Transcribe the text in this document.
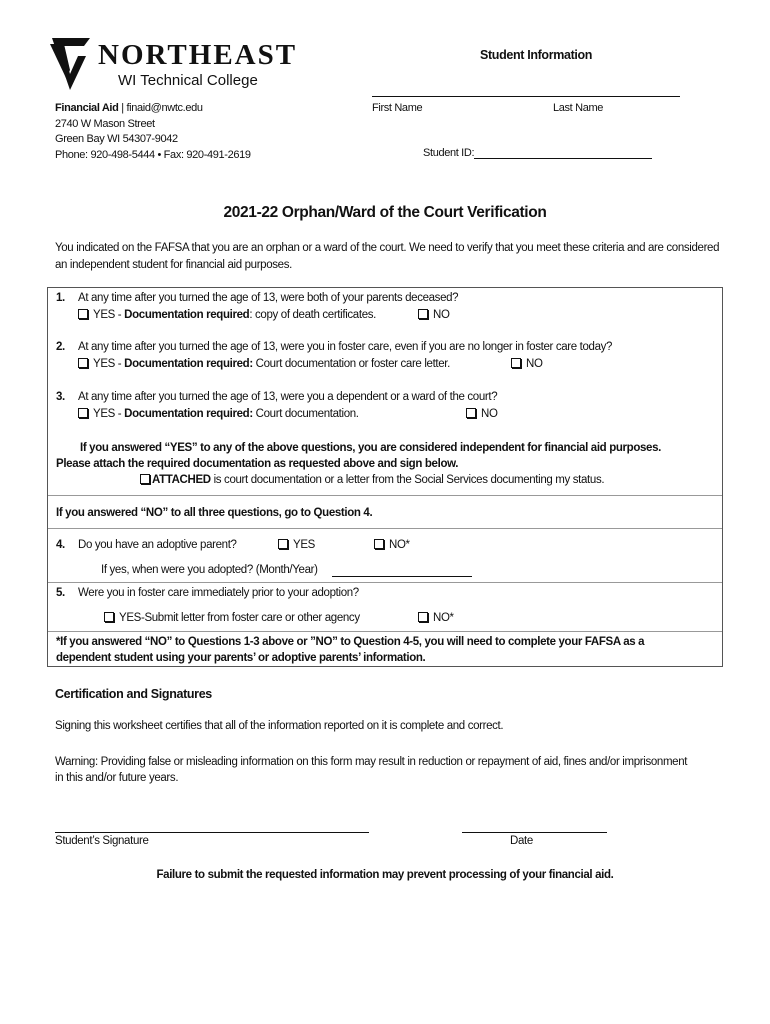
NORTHEAST
WI Technical College
Financial Aid | finaid@nwtc.edu
2740 W Mason Street
Green Bay WI 54307-9042
Phone: 920-498-5444 • Fax: 920-491-2619
Student Information
First Name	Last Name
Student ID:
2021-22 Orphan/Ward of the Court Verification
You indicated on the FAFSA that you are an orphan or a ward of the court. We need to verify that you meet these criteria and are considered an independent student for financial aid purposes.
1. At any time after you turned the age of 13, were both of your parents deceased?
YES - Documentation required: copy of death certificates.	NO
2. At any time after you turned the age of 13, were you in foster care, even if you are no longer in foster care today?
YES - Documentation required: Court documentation or foster care letter.	NO
3. At any time after you turned the age of 13, were you a dependent or a ward of the court?
YES - Documentation required: Court documentation.	NO
If you answered “YES” to any of the above questions, you are considered independent for financial aid purposes.
Please attach the required documentation as requested above and sign below.
ATTACHED is court documentation or a letter from the Social Services documenting my status.
If you answered “NO” to all three questions, go to Question 4.
4. Do you have an adoptive parent?	YES	NO*
If yes, when were you adopted? (Month/Year)
5. Were you in foster care immediately prior to your adoption?
YES-Submit letter from foster care or other agency	NO*
*If you answered “NO” to Questions 1-3 above or ”NO” to Question 4-5, you will need to complete your FAFSA as a
dependent student using your parents’ or adoptive parents’ information.
Certification and Signatures
Signing this worksheet certifies that all of the information reported on it is complete and correct.
Warning: Providing false or misleading information on this form may result in reduction or repayment of aid, fines and/or imprisonment in this and/or future years.
Student’s Signature	Date
Failure to submit the requested information may prevent processing of your financial aid.
